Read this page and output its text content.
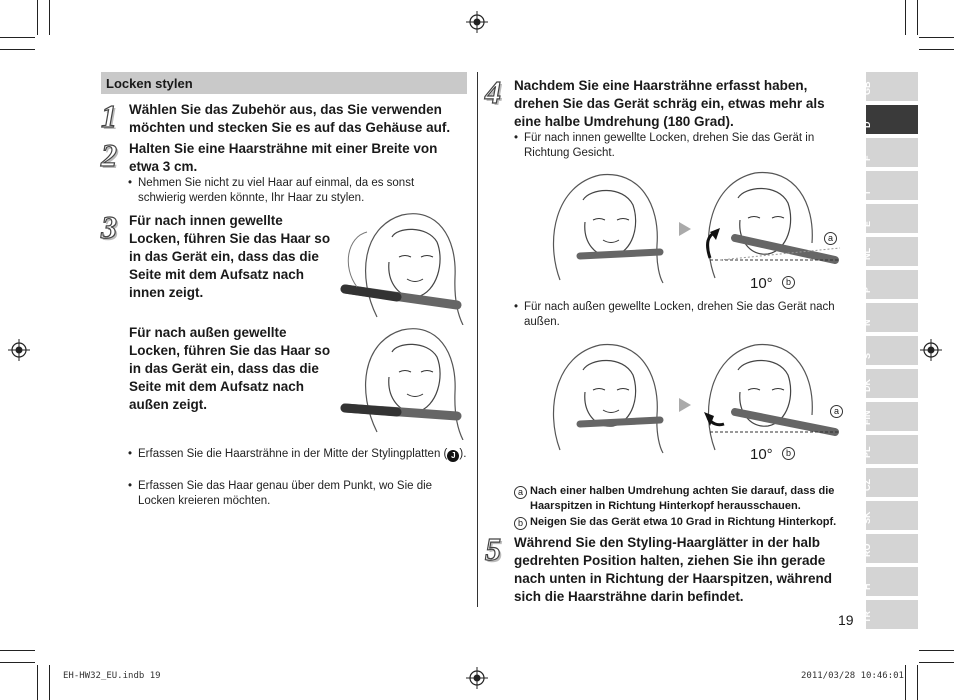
Locken stylen
1 Wählen Sie das Zubehör aus, das Sie verwenden möchten und stecken Sie es auf das Gehäuse auf.
2 Halten Sie eine Haarsträhne mit einer Breite von etwa 3 cm.
• Nehmen Sie nicht zu viel Haar auf einmal, da es sonst schwierig werden könnte, Ihr Haar zu stylen.
3 Für nach innen gewellte Locken, führen Sie das Haar so in das Gerät ein, dass das die Seite mit dem Aufsatz nach innen zeigt.
Für nach außen gewellte Locken, führen Sie das Haar so in das Gerät ein, dass das die Seite mit dem Aufsatz nach außen zeigt.
• Erfassen Sie die Haarsträhne in der Mitte der Stylingplatten ( J ).
• Erfassen Sie das Haar genau über dem Punkt, wo Sie die Locken kreieren möchten.
4 Nachdem Sie eine Haarsträhne erfasst haben, drehen Sie das Gerät schräg ein, etwas mehr als eine halbe Umdrehung (180 Grad).
• Für nach innen gewellte Locken, drehen Sie das Gerät in Richtung Gesicht.
10°	b
a
• Für nach außen gewellte Locken, drehen Sie das Gerät nach außen.
10°	b
a
a Nach einer halben Umdrehung achten Sie darauf, dass die Haarspitzen in Richtung Hinterkopf herausschauen.
b Neigen Sie das Gerät etwa 10 Grad in Richtung Hinterkopf.
5 Während Sie den Styling-Haarglätter in der halb gedrehten Position halten, ziehen Sie ihn gerade nach unten in Richtung der Haarspitzen, während sich die Haarsträhne darin befindet.
GB
D
F
I
E
NL
P
N
S
DK
FIN
PL
CZ
SK
RO
H
TR
19
EH-HW32_EU.indb 19	2011/03/28 10:46:01
